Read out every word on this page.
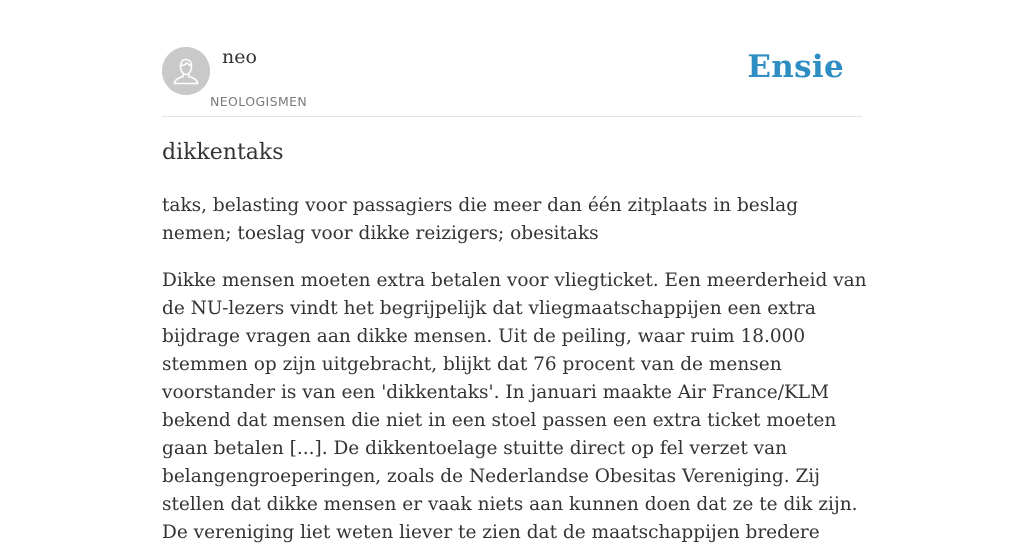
neo
NEOLOGISMEN
Ensie
dikkentaks

taks, belasting voor passagiers die meer dan één zitplaats in beslag nemen; toeslag voor dikke reizigers; obesitaks

Dikke mensen moeten extra betalen voor vliegticket. Een meerderheid van de NU-lezers vindt het begrijpelijk dat vliegmaatschappijen een extra bijdrage vragen aan dikke mensen. Uit de peiling, waar ruim 18.000 stemmen op zijn uitgebracht, blijkt dat 76 procent van de mensen voorstander is van een 'dikkentaks'. In januari maakte Air France/KLM bekend dat mensen die niet in een stoel passen een extra ticket moeten gaan betalen [...]. De dikkentoelage stuitte direct op fel verzet van belangengroeperingen, zoals de Nederlandse Obesitas Vereniging. Zij stellen dat dikke mensen er vaak niets aan kunnen doen dat ze te dik zijn. De vereniging liet weten liever te zien dat de maatschappijen bredere
